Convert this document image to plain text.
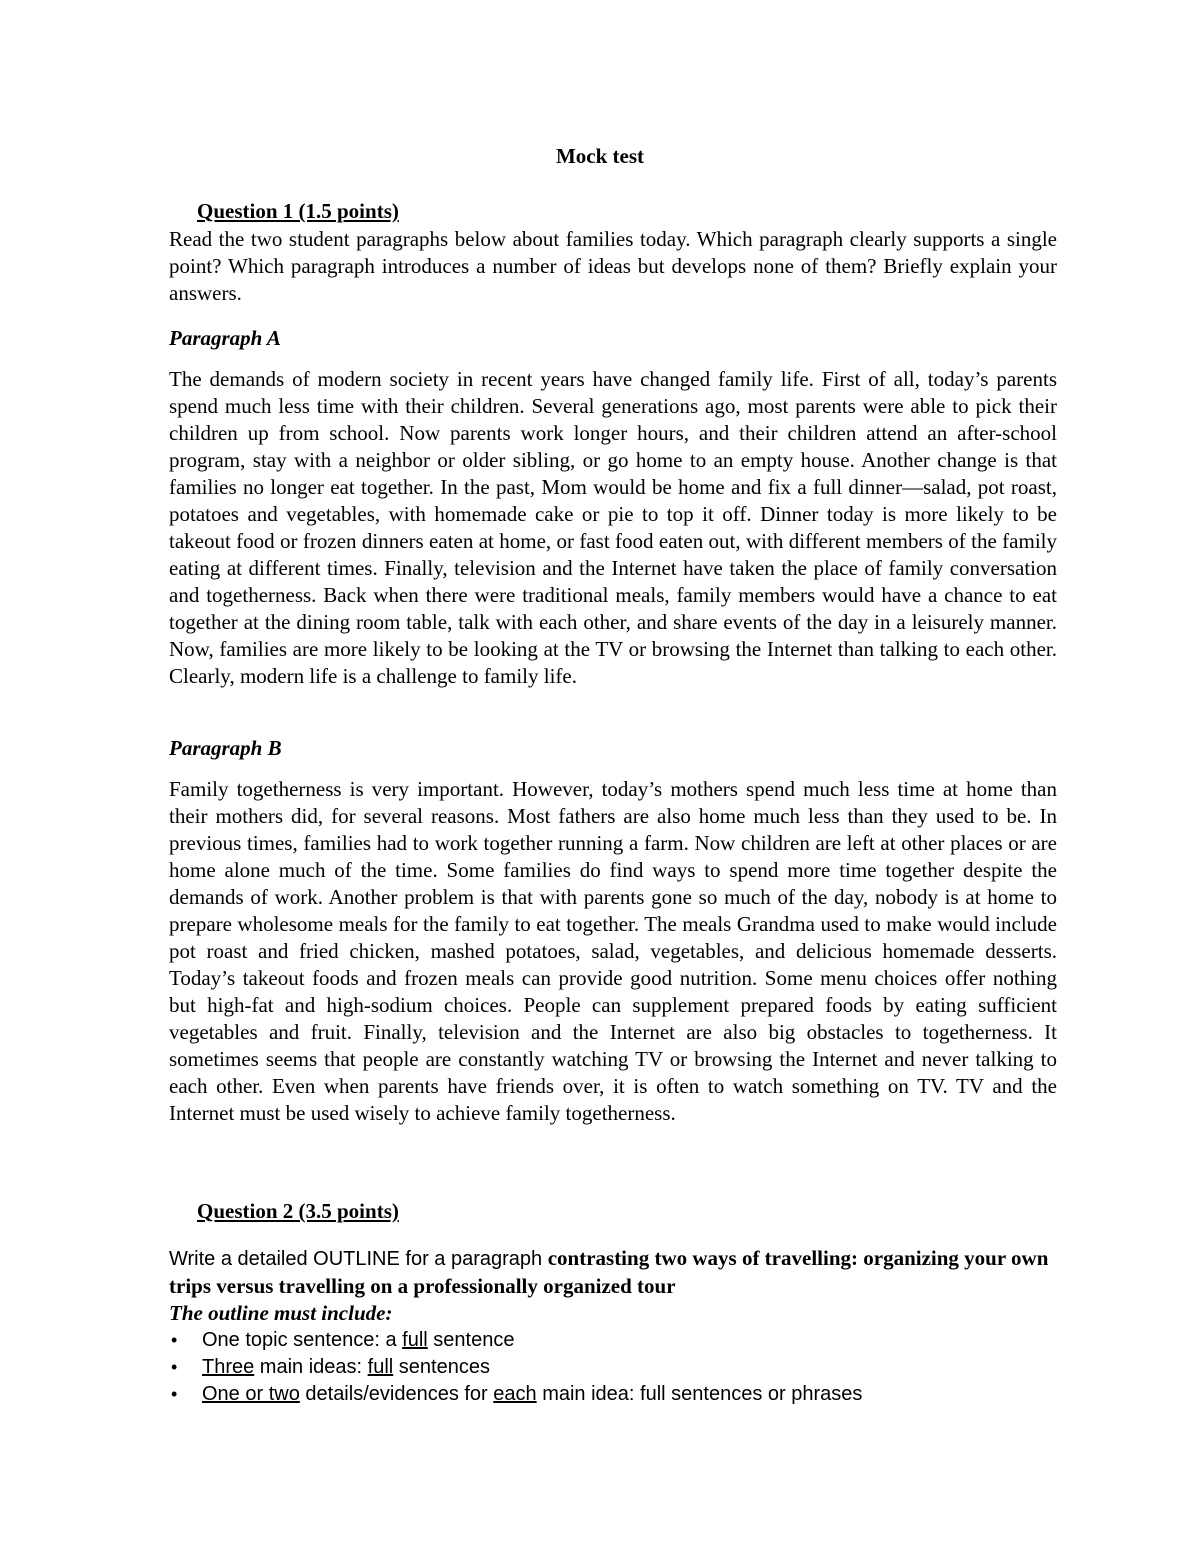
Mock test
Question 1 (1.5 points)

Read the two student paragraphs below about families today. Which paragraph clearly supports a single point? Which paragraph introduces a number of ideas but develops none of them? Briefly explain your answers.

Paragraph A

The demands of modern society in recent years have changed family life. First of all, today’s parents spend much less time with their children. Several generations ago, most parents were able to pick their children up from school. Now parents work longer hours, and their children attend an after-school program, stay with a neighbor or older sibling, or go home to an empty house. Another change is that families no longer eat together. In the past, Mom would be home and fix a full dinner—salad, pot roast, potatoes and vegetables, with homemade cake or pie to top it off. Dinner today is more likely to be takeout food or frozen dinners eaten at home, or fast food eaten out, with different members of the family eating at different times. Finally, television and the Internet have taken the place of family conversation and togetherness. Back when there were traditional meals, family members would have a chance to eat together at the dining room table, talk with each other, and share events of the day in a leisurely manner. Now, families are more likely to be looking at the TV or browsing the Internet than talking to each other. Clearly, modern life is a challenge to family life.

Paragraph B

Family togetherness is very important. However, today’s mothers spend much less time at home than their mothers did, for several reasons. Most fathers are also home much less than they used to be. In previous times, families had to work together running a farm. Now children are left at other places or are home alone much of the time. Some families do find ways to spend more time together despite the demands of work. Another problem is that with parents gone so much of the day, nobody is at home to prepare wholesome meals for the family to eat together. The meals Grandma used to make would include pot roast and fried chicken, mashed potatoes, salad, vegetables, and delicious homemade desserts. Today’s takeout foods and frozen meals can provide good nutrition. Some menu choices offer nothing but high-fat and high-sodium choices. People can supplement prepared foods by eating sufficient vegetables and fruit. Finally, television and the Internet are also big obstacles to togetherness. It sometimes seems that people are constantly watching TV or browsing the Internet and never talking to each other. Even when parents have friends over, it is often to watch something on TV. TV and the Internet must be used wisely to achieve family togetherness.

Question 2 (3.5 points)

Write a detailed OUTLINE for a paragraph contrasting two ways of travelling: organizing your own trips versus travelling on a professionally organized tour

The outline must include:

• One topic sentence: a full sentence
• Three main ideas: full sentences
• One or two details/evidences for each main idea: full sentences or phrases
